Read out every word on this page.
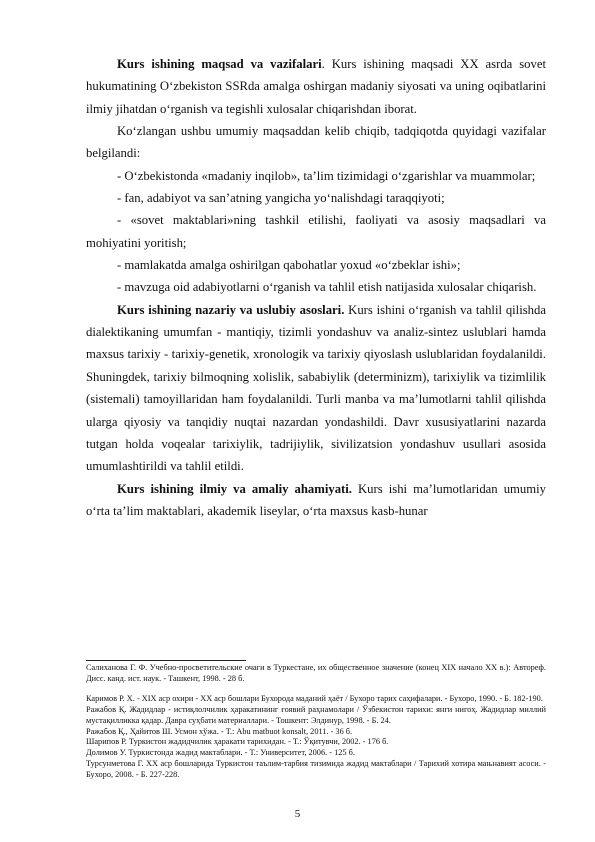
Kurs ishining maqsad va vazifalari. Kurs ishining maqsadi XX asrda sovet hukumatining O‘zbekiston SSRda amalga oshirgan madaniy siyosati va uning oqibatlarini ilmiy jihatdan o‘rganish va tegishli xulosalar chiqarishdan iborat.

Ko‘zlangan ushbu umumiy maqsaddan kelib chiqib, tadqiqotda quyidagi vazifalar belgilandi:

- O‘zbekistonda «madaniy inqilob», ta’lim tizimidagi o‘zgarishlar va muammolar;

- fan, adabiyot va san’atning yangicha yo‘nalishdagi taraqqiyoti;

- «sovet maktablari»ning tashkil etilishi, faoliyati va asosiy maqsadlari va mohiyatini yoritish;

- mamlakatda amalga oshirilgan qabohatlar yoxud «o‘zbeklar ishi»;

- mavzuga oid adabiyotlarni o‘rganish va tahlil etish natijasida xulosalar chiqarish.

Kurs ishining nazariy va uslubiy asoslari. Kurs ishini o‘rganish va tahlil qilishda dialektikaning umumfan - mantiqiy, tizimli yondashuv va analiz-sintez uslublari hamda maxsus tarixiy - tarixiy-genetik, xronologik va tarixiy qiyoslash uslublaridan foydalanildi. Shuningdek, tarixiy bilmoqning xolislik, sababiylik (determinizm), tarixiylik va tizimlilik (sistemali) tamoyillaridan ham foydalanildi. Turli manba va ma’lumotlarni tahlil qilishda ularga qiyosiy va tanqidiy nuqtai nazardan yondashildi. Davr xususiyatlarini nazarda tutgan holda voqealar tarixiylik, tadrijiylik, sivilizatsion yondashuv usullari asosida umumlashtirildi va tahlil etildi.

Kurs ishining ilmiy va amaliy ahamiyati. Kurs ishi ma’lumotlaridan umumiy o‘rta ta’lim maktablari, akademik liseylar, o‘rta maxsus kasb-hunar

Салиханова Г. Ф. Учебно-просветительские очаги в Туркестане, их общественное значение (конец XIX начало XX в.): Автореф. Дисс. канд. ист. наук. - Ташкент, 1998. - 28 б.

Каримов Р. Х. - XIX аср охири - XX аср бошлари Бухорода маданий ҳаёт / Бухоро тарих саҳифалари. - Бухоро, 1990. - Б. 182-190.

Ражабов Қ. Жадидлар - истиқлолчилик ҳаракатининг ғоявий раҳнамолари / Ўзбекистон тарихи: янги нигоҳ. Жадидлар миллий мустақилликка қадар. Давра суҳбати материаллари. - Тошкент: Элдинур, 1998. - Б. 24.

Ражабов Қ., Ҳайитов Ш. Усмон хўжа. - Т.: Abu matbuot konsalt, 2011. - 36 б.

Шарипов Р. Туркистон жадидчилик ҳаракати тарихидан. - Т.: Ўқитувчи, 2002. - 176 б.

Долимов У. Туркистонда жадид мактаблари. - Т.: Университет, 2006. - 125 б.

Турсунметова Г. XX аср бошларида Туркистон таълим-тарбия тизимида жадид мактаблари / Тарихий хотира мањнавият асоси. - Бухоро, 2008. - Б. 227-228.

5
